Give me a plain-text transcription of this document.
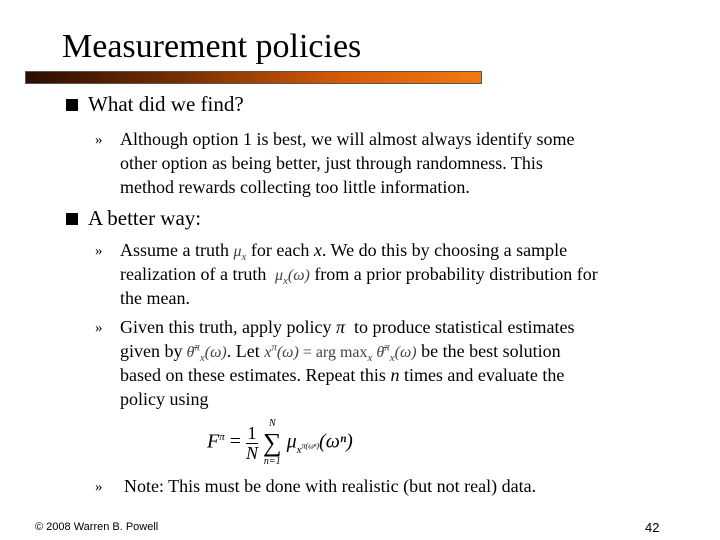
Measurement policies
What did we find?
» Although option 1 is best, we will almost always identify some
other option as being better, just through randomness. This
method rewards collecting too little information.
A better way:
» Assume a truth $\mu_x$ for each x. We do this by choosing a sample
realization of a truth $\mu_x(\omega)$ from a prior probability distribution for
the mean.
» Given this truth, apply policy π to produce statistical estimates
given by θ̄$^\pi_x$(ω). Let $x^\pi(\omega)$ = arg $\max_x$ θ̄$^\pi_x$(ω) be the best solution
based on these estimates. Repeat this n times and evaluate the
policy using
$F^\pi = \frac{1}{N}$
	N
∑
n=1
$\mu_{x^{\pi(\omega^n)}}(\omega^n)$
» Note: This must be done with realistic (but not real) data.
© 2008 Warren B. Powell	42
